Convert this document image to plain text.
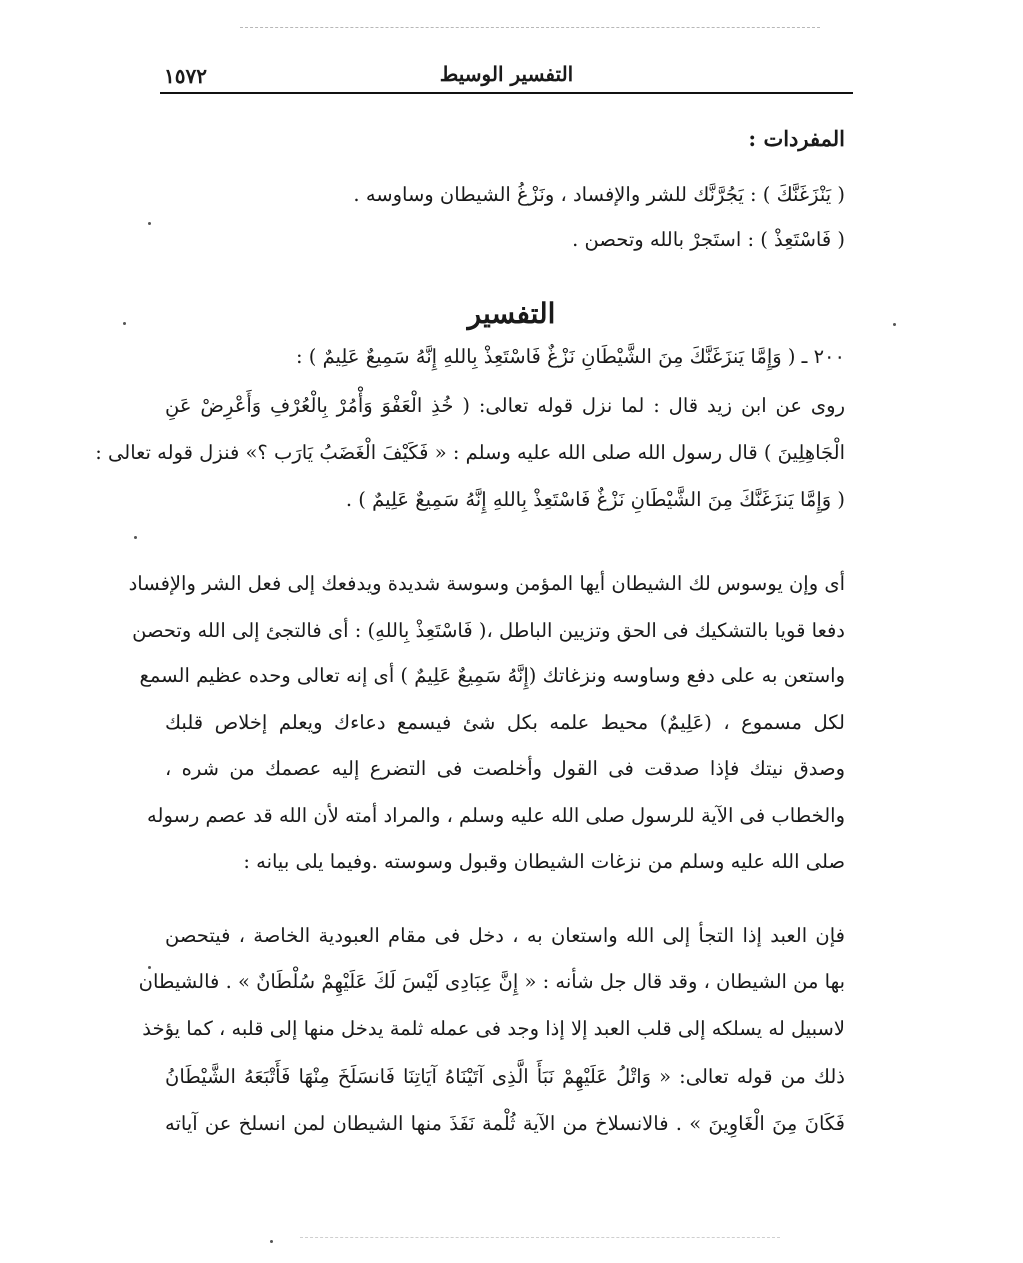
التفسير الوسيط
١٥٧٢
المفردات :
( يَنْزَغَنَّكَ ) : يَجُرَّنَّك للشر والإفساد ، ونَزْغُ الشيطان وساوسه .
( فَاسْتَعِذْ ) : استَجرْ بالله وتحصن .
التفسير
٢٠٠ ـ ( وَإِمَّا يَنزَغَنَّكَ مِنَ الشَّيْطَانِ نَزْغٌ فَاسْتَعِذْ بِاللهِ إِنَّهُ سَمِيعٌ عَلِيمٌ ) :
روى عن ابن زيد قال : لما نزل قوله تعالى: ( خُذِ الْعَفْوَ وَأْمُرْ بِالْعُرْفِ وَأَعْرِضْ عَنِ
الْجَاهِلِينَ ) قال رسول الله صلى الله عليه وسلم : « فَكَيْفَ الْغَضَبُ يَارَب ؟» فنزل قوله تعالى :
( وَإِمَّا يَنزَغَنَّكَ مِنَ الشَّيْطَانِ نَزْغٌ فَاسْتَعِذْ بِاللهِ إِنَّهُ سَمِيعٌ عَلِيمٌ ) .
أى وإن يوسوس لك الشيطان أيها المؤمن وسوسة شديدة ويدفعك إلى فعل الشر والإفساد
دفعا قويا بالتشكيك فى الحق وتزيين الباطل ،( فَاسْتَعِذْ بِاللهِ) : أى فالتجئ إلى الله وتحصن
واستعن به على دفع وساوسه ونزغاتك (إِنَّهُ سَمِيعٌ عَلِيمٌ ) أى إنه تعالى وحده عظيم السمع
لكل مسموع ، (عَلِيمٌ) محيط علمه بكل شئ فيسمع دعاءك ويعلم إخلاص قلبك
وصدق نيتك فإذا صدقت فى القول وأخلصت فى التضرع إليه عصمك من شره ،
والخطاب فى الآية للرسول صلى الله عليه وسلم ، والمراد أمته لأن الله قد عصم رسوله
صلى الله عليه وسلم من نزغات الشيطان وقبول وسوسته .وفيما يلى بيانه :
فإن العبد إذا التجأ إلى الله واستعان به ، دخل فى مقام العبودية الخاصة ، فيتحصن
بها من الشيطان ، وقد قال جل شأنه : « إِنَّ عِبَادِى لَيْسَ لَكَ عَلَيْهِمْ سُلْطَانٌ » . فالشيطان
لاسبيل له يسلكه إلى قلب العبد إلا إذا وجد فى عمله ثلمة يدخل منها إلى قلبه ، كما يؤخذ
ذلك من قوله تعالى: « وَاتْلُ عَلَيْهِمْ نَبَأَ الَّذِى آتَيْنَاهُ آيَاتِنَا فَانسَلَخَ مِنْهَا فَأَتْبَعَهُ الشَّيْطَانُ
فَكَانَ مِنَ الْغَاوِينَ » . فالانسلاخ من الآية ثُلْمة نَفَذَ منها الشيطان لمن انسلخ عن آياته
